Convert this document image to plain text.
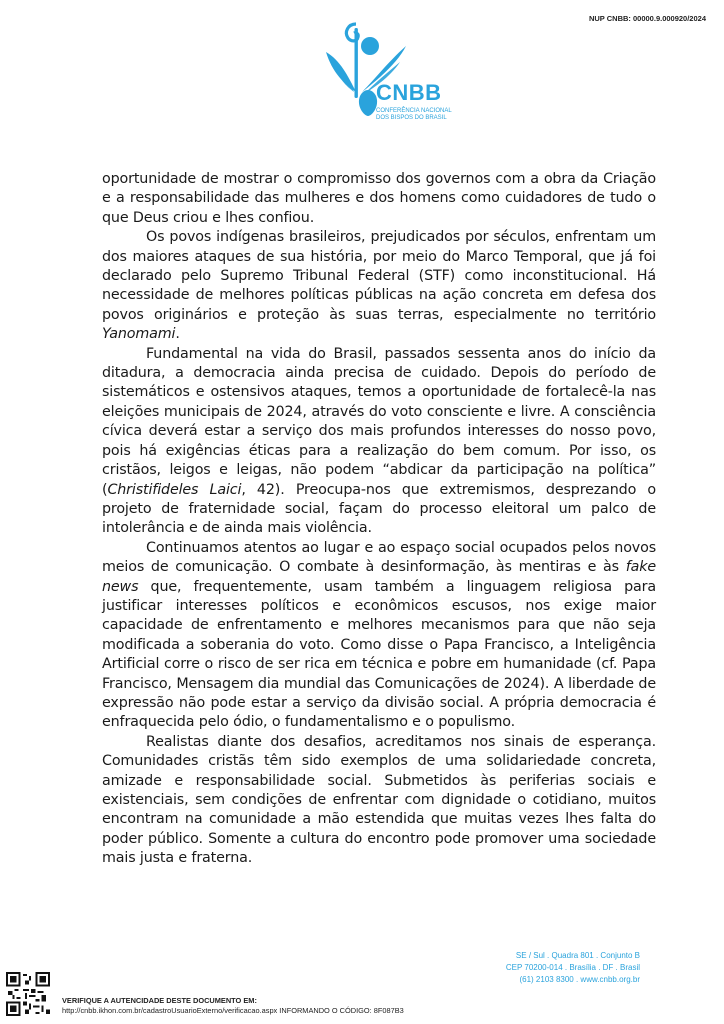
NUP CNBB: 00000.9.000920/2024
CNBB
CONFERÊNCIA NACIONAL DOS BISPOS DO BRASIL

oportunidade de mostrar o compromisso dos governos com a obra da Criação e a responsabilidade das mulheres e dos homens como cuidadores de tudo o que Deus criou e lhes confiou.

Os povos indígenas brasileiros, prejudicados por séculos, enfrentam um dos maiores ataques de sua história, por meio do Marco Temporal, que já foi declarado pelo Supremo Tribunal Federal (STF) como inconstitucional. Há necessidade de melhores políticas públicas na ação concreta em defesa dos povos originários e proteção às suas terras, especialmente no território Yanomami.

Fundamental na vida do Brasil, passados sessenta anos do início da ditadura, a democracia ainda precisa de cuidado. Depois do período de sistemáticos e ostensivos ataques, temos a oportunidade de fortalecê-la nas eleições municipais de 2024, através do voto consciente e livre. A consciência cívica deverá estar a serviço dos mais profundos interesses do nosso povo, pois há exigências éticas para a realização do bem comum. Por isso, os cristãos, leigos e leigas, não podem “abdicar da participação na política” (Christifideles Laici, 42). Preocupa-nos que extremismos, desprezando o projeto de fraternidade social, façam do processo eleitoral um palco de intolerância e de ainda mais violência.

Continuamos atentos ao lugar e ao espaço social ocupados pelos novos meios de comunicação. O combate à desinformação, às mentiras e às fake news que, frequentemente, usam também a linguagem religiosa para justificar interesses políticos e econômicos escusos, nos exige maior capacidade de enfrentamento e melhores mecanismos para que não seja modificada a soberania do voto. Como disse o Papa Francisco, a Inteligência Artificial corre o risco de ser rica em técnica e pobre em humanidade (cf. Papa Francisco, Mensagem dia mundial das Comunicações de 2024). A liberdade de expressão não pode estar a serviço da divisão social. A própria democracia é enfraquecida pelo ódio, o fundamentalismo e o populismo.

Realistas diante dos desafios, acreditamos nos sinais de esperança. Comunidades cristãs têm sido exemplos de uma solidariedade concreta, amizade e responsabilidade social. Submetidos às periferias sociais e existenciais, sem condições de enfrentar com dignidade o cotidiano, muitos encontram na comunidade a mão estendida que muitas vezes lhes falta do poder público. Somente a cultura do encontro pode promover uma sociedade mais justa e fraterna.

SE / Sul . Quadra 801 . Conjunto B
CEP 70200-014 . Brasília . DF . Brasil
(61) 2103 8300 . www.cnbb.org.br
VERIFIQUE A AUTENCIDADE DESTE DOCUMENTO EM:
http://cnbb.ikhon.com.br/cadastroUsuarioExterno/verificacao.aspx INFORMANDO O CÓDIGO: 8F087B3
